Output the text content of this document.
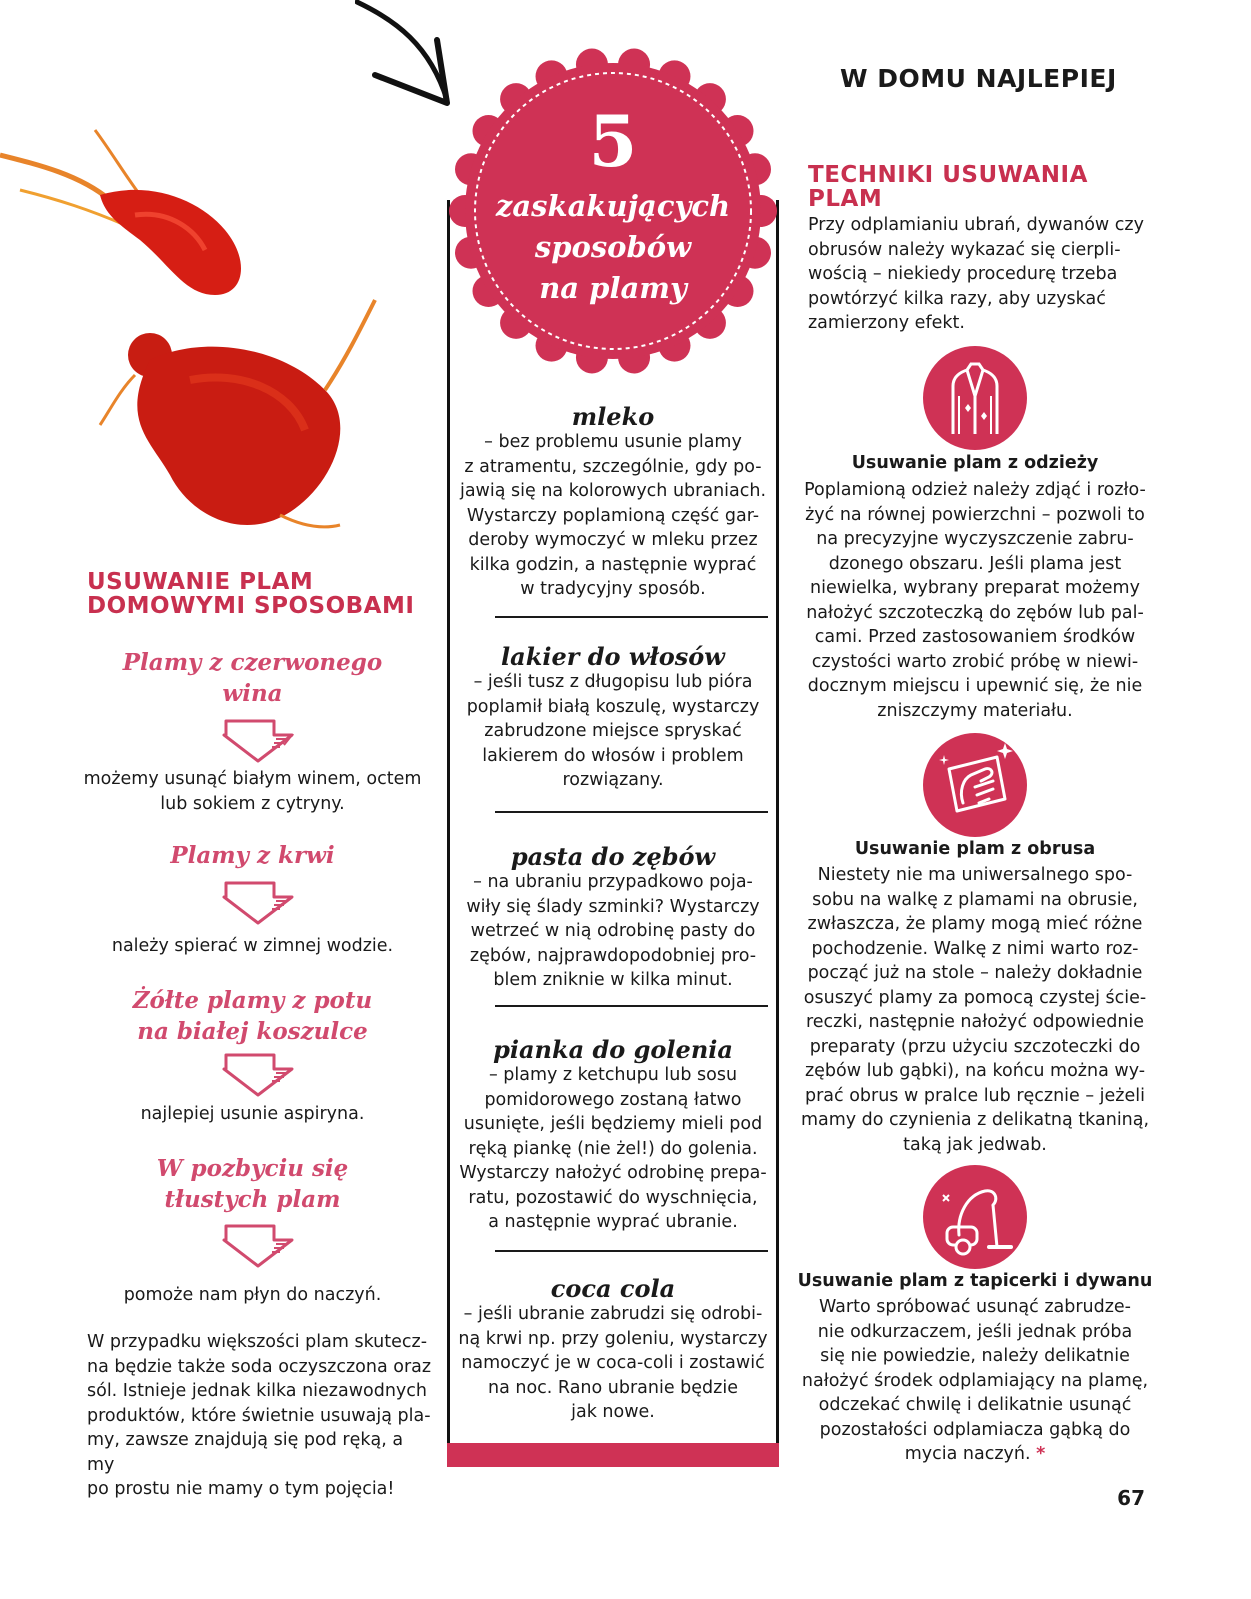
W DOMU NAJLEPIEJ
USUWANIE PLAM
DOMOWYMI SPOSOBAMI
Plamy z czerwonego
wina
możemy usunąć białym winem, octem
lub sokiem z cytryny.
Plamy z krwi
należy spierać w zimnej wodzie.
Żółte plamy z potu
na białej koszulce
najlepiej usunie aspiryna.
W pozbyciu się
tłustych plam
pomoże nam płyn do naczyń.
W przypadku większości plam skutecz-
na będzie także soda oczyszczona oraz
sól. Istnieje jednak kilka niezawodnych
produktów, które świetnie usuwają pla-
my, zawsze znajdują się pod ręką, a my
po prostu nie mamy o tym pojęcia!
5
zaskakujących
sposobów
na plamy
mleko
– bez problemu usunie plamy
z atramentu, szczególnie, gdy po-
jawią się na kolorowych ubraniach.
Wystarczy poplamioną część gar-
deroby wymoczyć w mleku przez
kilka godzin, a następnie wyprać
w tradycyjny sposób.
lakier do włosów
– jeśli tusz z długopisu lub pióra
poplamił białą koszulę, wystarczy
zabrudzone miejsce spryskać
lakierem do włosów i problem
rozwiązany.
pasta do zębów
– na ubraniu przypadkowo poja-
wiły się ślady szminki? Wystarczy
wetrzeć w nią odrobinę pasty do
zębów, najprawdopodobniej pro-
blem zniknie w kilka minut.
pianka do golenia
– plamy z ketchupu lub sosu
pomidorowego zostaną łatwo
usunięte, jeśli będziemy mieli pod
ręką piankę (nie żel!) do golenia.
Wystarczy nałożyć odrobinę prepa-
ratu, pozostawić do wyschnięcia,
a następnie wyprać ubranie.
coca cola
– jeśli ubranie zabrudzi się odrobi-
ną krwi np. przy goleniu, wystarczy
namoczyć je w coca-coli i zostawić
na noc. Rano ubranie będzie
jak nowe.
TECHNIKI USUWANIA
PLAM
Przy odplamianiu ubrań, dywanów czy
obrusów należy wykazać się cierpli-
wością – niekiedy procedurę trzeba
powtórzyć kilka razy, aby uzyskać
zamierzony efekt.
Usuwanie plam z odzieży
Poplamioną odzież należy zdjąć i rozło-
żyć na równej powierzchni – pozwoli to
na precyzyjne wyczyszczenie zabru-
dzonego obszaru. Jeśli plama jest
niewielka, wybrany preparat możemy
nałożyć szczoteczką do zębów lub pal-
cami. Przed zastosowaniem środków
czystości warto zrobić próbę w niewi-
docznym miejscu i upewnić się, że nie
zniszczymy materiału.
Usuwanie plam z obrusa
Niestety nie ma uniwersalnego spo-
sobu na walkę z plamami na obrusie,
zwłaszcza, że plamy mogą mieć różne
pochodzenie. Walkę z nimi warto roz-
począć już na stole – należy dokładnie
osuszyć plamy za pomocą czystej ście-
reczki, następnie nałożyć odpowiednie
preparaty (przu użyciu szczoteczki do
zębów lub gąbki), na końcu można wy-
prać obrus w pralce lub ręcznie – jeżeli
mamy do czynienia z delikatną tkaniną,
taką jak jedwab.
Usuwanie plam z tapicerki i dywanu
Warto spróbować usunąć zabrudze-
nie odkurzaczem, jeśli jednak próba
się nie powiedzie, należy delikatnie
nałożyć środek odplamiający na plamę,
odczekać chwilę i delikatnie usunąć
pozostałości odplamiacza gąbką do
mycia naczyń. *
67
